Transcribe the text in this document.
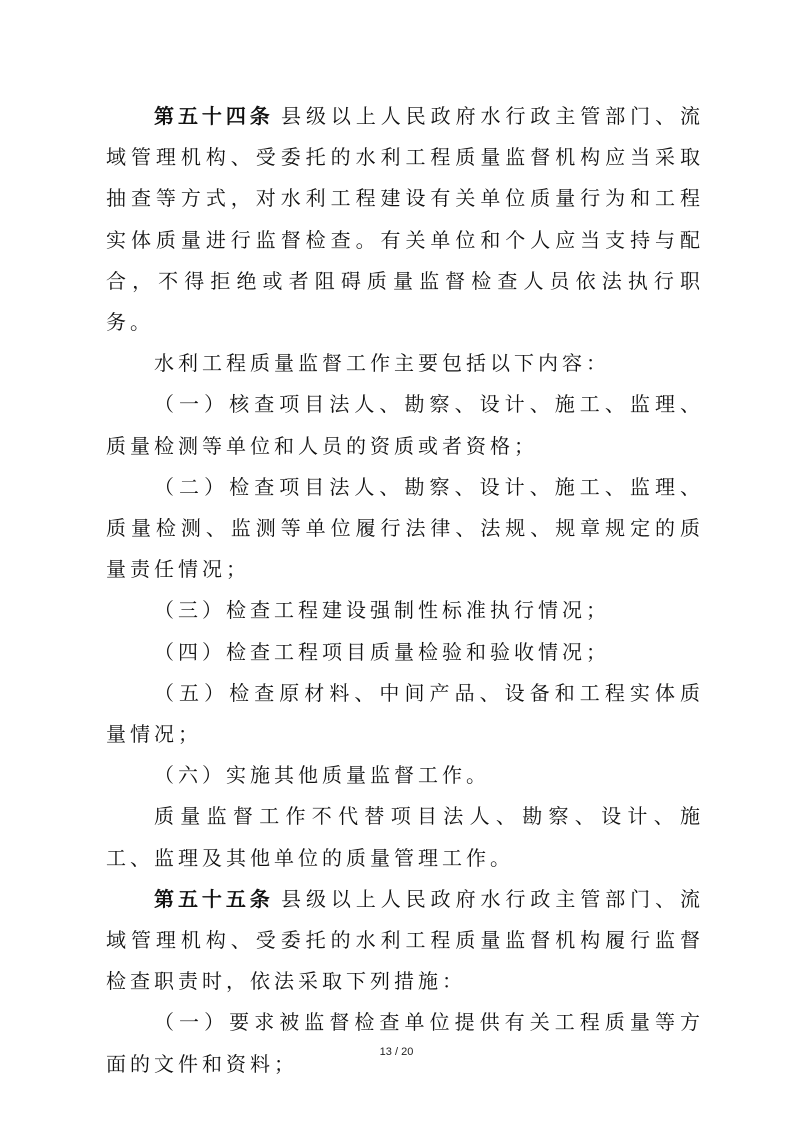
第五十四条 县级以上人民政府水行政主管部门、流域管理机构、受委托的水利工程质量监督机构应当采取抽查等方式，对水利工程建设有关单位质量行为和工程实体质量进行监督检查。有关单位和个人应当支持与配合，不得拒绝或者阻碍质量监督检查人员依法执行职务。

水利工程质量监督工作主要包括以下内容：

（一）核查项目法人、勘察、设计、施工、监理、质量检测等单位和人员的资质或者资格；

（二）检查项目法人、勘察、设计、施工、监理、质量检测、监测等单位履行法律、法规、规章规定的质量责任情况；

（三）检查工程建设强制性标准执行情况；

（四）检查工程项目质量检验和验收情况；

（五）检查原材料、中间产品、设备和工程实体质量情况；

（六）实施其他质量监督工作。

质量监督工作不代替项目法人、勘察、设计、施工、监理及其他单位的质量管理工作。

第五十五条 县级以上人民政府水行政主管部门、流域管理机构、受委托的水利工程质量监督机构履行监督检查职责时，依法采取下列措施：

（一）要求被监督检查单位提供有关工程质量等方面的文件和资料；	13 / 20
